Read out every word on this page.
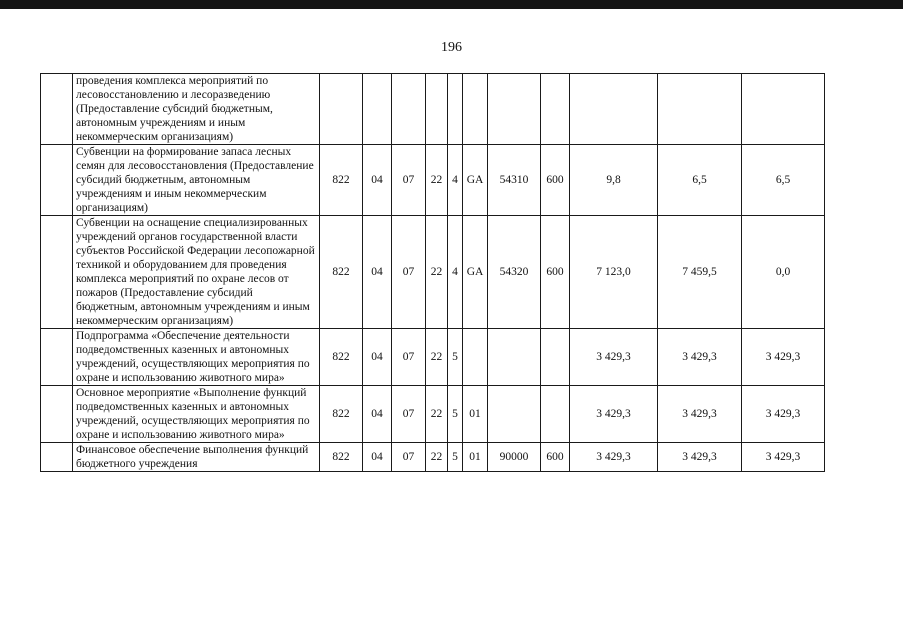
196
	проведения комплекса мероприятий по лесовосстановлению и лесоразведению (Предоставление субсидий бюджетным, автономным учреждениям и иным некоммерческим организациям)											
	Субвенции на формирование запаса лесных семян для лесовосстановления (Предоставление субсидий бюджетным, автономным учреждениям и иным некоммерческим организациям)	822	04	07	22	4	GA	54310	600	9,8	6,5	6,5
	Субвенции на оснащение специализированных учреждений органов государственной власти субъектов Российской Федерации лесопожарной техникой и оборудованием для проведения комплекса мероприятий по охране лесов от пожаров (Предоставление субсидий бюджетным, автономным учреждениям и иным некоммерческим организациям)	822	04	07	22	4	GA	54320	600	7 123,0	7 459,5	0,0
	Подпрограмма «Обеспечение деятельности подведомственных казенных и автономных учреждений, осуществляющих мероприятия по охране и использованию животного мира»	822	04	07	22	5				3 429,3	3 429,3	3 429,3
	Основное мероприятие «Выполнение функций подведомственных казенных и автономных учреждений, осуществляющих мероприятия по охране и использованию животного мира»	822	04	07	22	5	01			3 429,3	3 429,3	3 429,3
	Финансовое обеспечение выполнения функций бюджетного учреждения	822	04	07	22	5	01	90000	600	3 429,3	3 429,3	3 429,3
